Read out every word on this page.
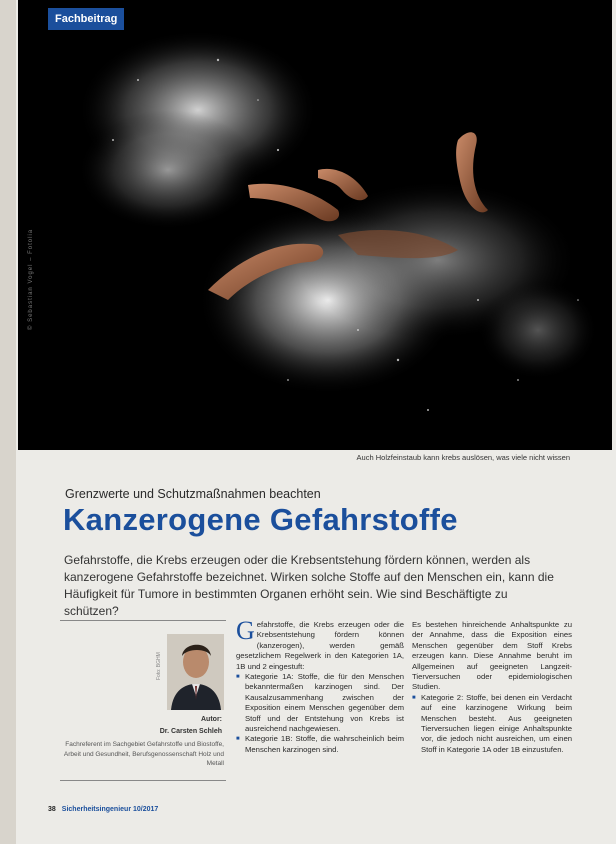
Fachbeitrag
© Sebastian Vogel – Fotolia
Auch Holzfeinstaub kann krebs auslösen, was viele nicht wissen
Grenzwerte und Schutzmaßnahmen beachten
Kanzerogene Gefahrstoffe
Gefahrstoffe, die Krebs erzeugen oder die Krebsentstehung fördern können, werden als kanzerogene Gefahrstoffe bezeichnet. Wirken solche Stoffe auf den Menschen ein, kann die Häufigkeit für Tumore in bestimmten Organen erhöht sein. Wie sind Beschäftigte zu schützen?
Foto: BGHM
Autor:
Dr. Carsten Schleh
Fachreferent im Sachgebiet Gefahrstoffe und Biostoffe, Arbeit und Gesundheit, Berufsgenossenschaft Holz und Metall

Gefahrstoffe, die Krebs erzeugen oder die Krebsentstehung fördern können (kanzerogen), werden gemäß gesetzlichem Regelwerk in den Kategorien 1A, 1B und 2 eingestuft:

■ Kategorie 1A: Stoffe, die für den Menschen bekanntermaßen karzinogen sind. Der Kausalzusammenhang zwischen der Exposition einem Menschen gegenüber dem Stoff und der Entstehung von Krebs ist ausreichend nachgewiesen.

■ Kategorie 1B: Stoffe, die wahrscheinlich beim Menschen karzinogen sind.

Es bestehen hinreichende Anhaltspunkte zu der Annahme, dass die Exposition eines Menschen gegenüber dem Stoff Krebs erzeugen kann. Diese Annahme beruht im Allgemeinen auf geeigneten Langzeit-Tierversuchen oder epidemiologischen Studien.

■ Kategorie 2: Stoffe, bei denen ein Verdacht auf eine karzinogene Wirkung beim Menschen besteht. Aus geeigneten Tierversuchen liegen einige Anhaltspunkte vor, die jedoch nicht ausreichen, um einen Stoff in Kategorie 1A oder 1B einzustufen.

38 Sicherheitsingenieur 10/2017
